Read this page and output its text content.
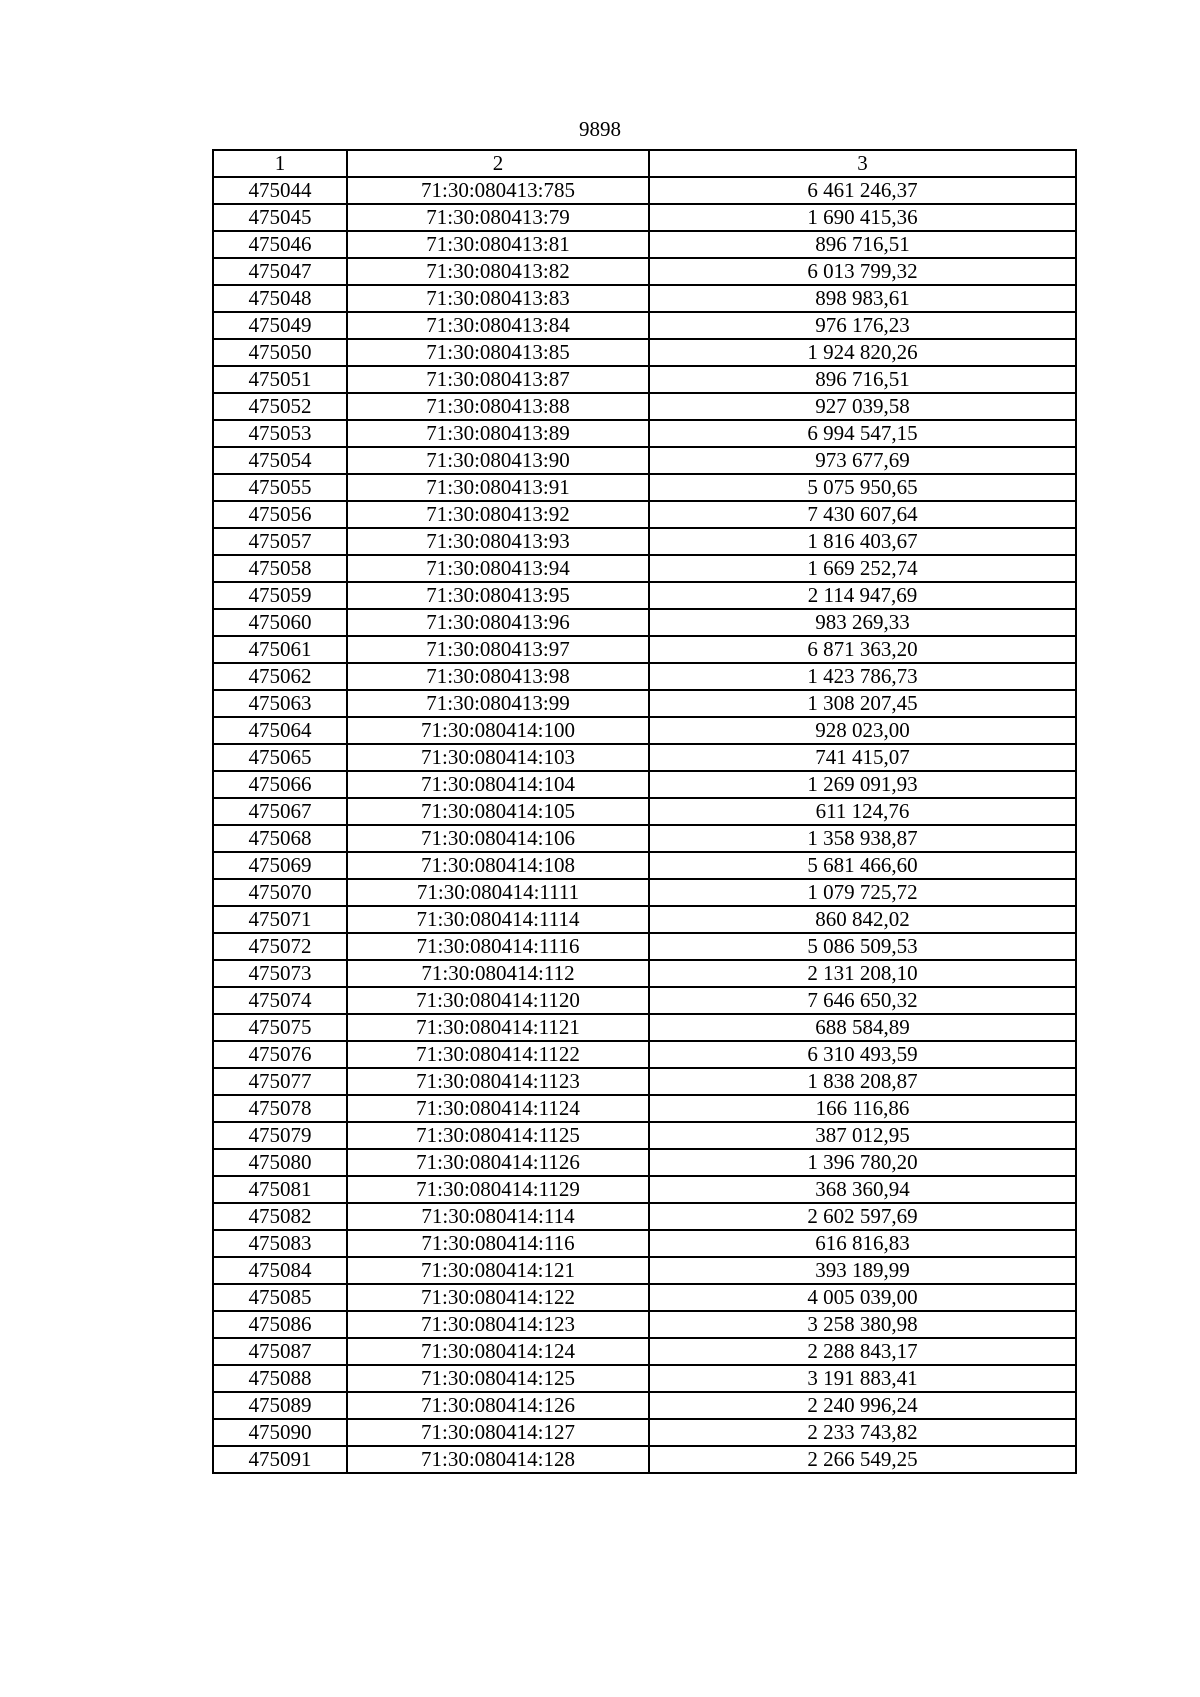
9898
1	2	3
475044	71:30:080413:785	6 461 246,37
475045	71:30:080413:79	1 690 415,36
475046	71:30:080413:81	896 716,51
475047	71:30:080413:82	6 013 799,32
475048	71:30:080413:83	898 983,61
475049	71:30:080413:84	976 176,23
475050	71:30:080413:85	1 924 820,26
475051	71:30:080413:87	896 716,51
475052	71:30:080413:88	927 039,58
475053	71:30:080413:89	6 994 547,15
475054	71:30:080413:90	973 677,69
475055	71:30:080413:91	5 075 950,65
475056	71:30:080413:92	7 430 607,64
475057	71:30:080413:93	1 816 403,67
475058	71:30:080413:94	1 669 252,74
475059	71:30:080413:95	2 114 947,69
475060	71:30:080413:96	983 269,33
475061	71:30:080413:97	6 871 363,20
475062	71:30:080413:98	1 423 786,73
475063	71:30:080413:99	1 308 207,45
475064	71:30:080414:100	928 023,00
475065	71:30:080414:103	741 415,07
475066	71:30:080414:104	1 269 091,93
475067	71:30:080414:105	611 124,76
475068	71:30:080414:106	1 358 938,87
475069	71:30:080414:108	5 681 466,60
475070	71:30:080414:1111	1 079 725,72
475071	71:30:080414:1114	860 842,02
475072	71:30:080414:1116	5 086 509,53
475073	71:30:080414:112	2 131 208,10
475074	71:30:080414:1120	7 646 650,32
475075	71:30:080414:1121	688 584,89
475076	71:30:080414:1122	6 310 493,59
475077	71:30:080414:1123	1 838 208,87
475078	71:30:080414:1124	166 116,86
475079	71:30:080414:1125	387 012,95
475080	71:30:080414:1126	1 396 780,20
475081	71:30:080414:1129	368 360,94
475082	71:30:080414:114	2 602 597,69
475083	71:30:080414:116	616 816,83
475084	71:30:080414:121	393 189,99
475085	71:30:080414:122	4 005 039,00
475086	71:30:080414:123	3 258 380,98
475087	71:30:080414:124	2 288 843,17
475088	71:30:080414:125	3 191 883,41
475089	71:30:080414:126	2 240 996,24
475090	71:30:080414:127	2 233 743,82
475091	71:30:080414:128	2 266 549,25
